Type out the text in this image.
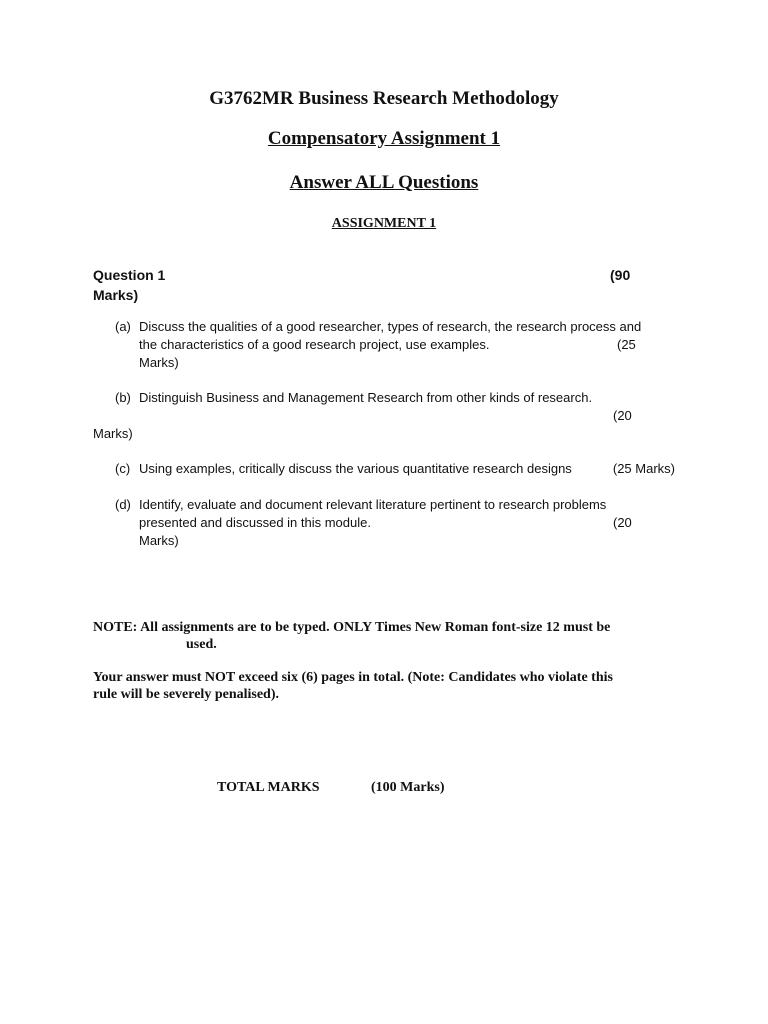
G3762MR Business Research Methodology
Compensatory Assignment 1
Answer ALL Questions
ASSIGNMENT 1
Question 1	(90
Marks)
(a) Discuss the qualities of a good researcher, types of research, the research process and
the characteristics of a good research project, use examples.	(25
Marks)
(b) Distinguish Business and Management Research from other kinds of research.
(20
Marks)
(c) Using examples, critically discuss the various quantitative research designs	(25 Marks)
(d) Identify, evaluate and document relevant literature pertinent to research problems
presented and discussed in this module.	(20
Marks)
NOTE: All assignments are to be typed. ONLY Times New Roman font-size 12 must be
used.
Your answer must NOT exceed six (6) pages in total. (Note: Candidates who violate this
rule will be severely penalised).
TOTAL MARKS	(100 Marks)
